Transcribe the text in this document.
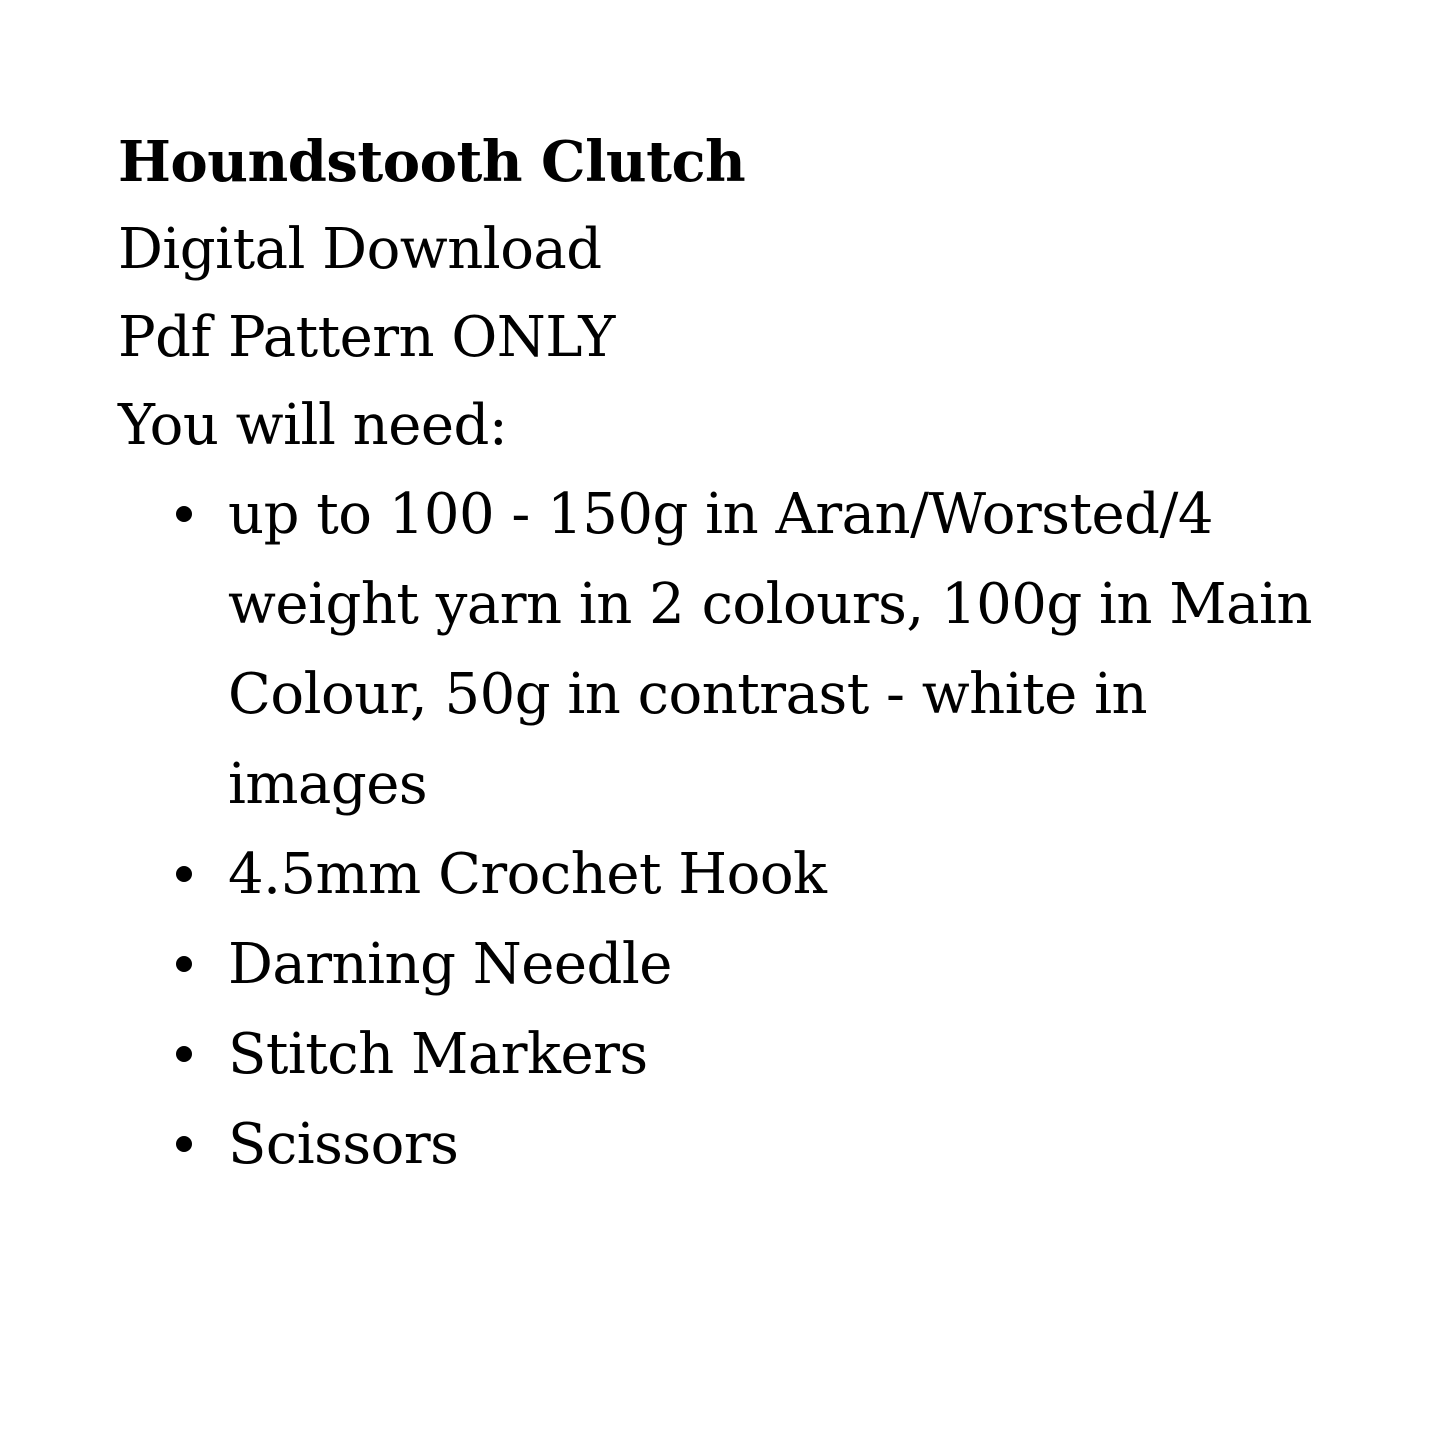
Houndstooth Clutch
Digital Download
Pdf Pattern ONLY
You will need:
up to 100 - 150g in Aran/Worsted/4 weight yarn in 2 colours, 100g in Main Colour, 50g in contrast - white in images
4.5mm Crochet Hook
Darning Needle
Stitch Markers
Scissors
